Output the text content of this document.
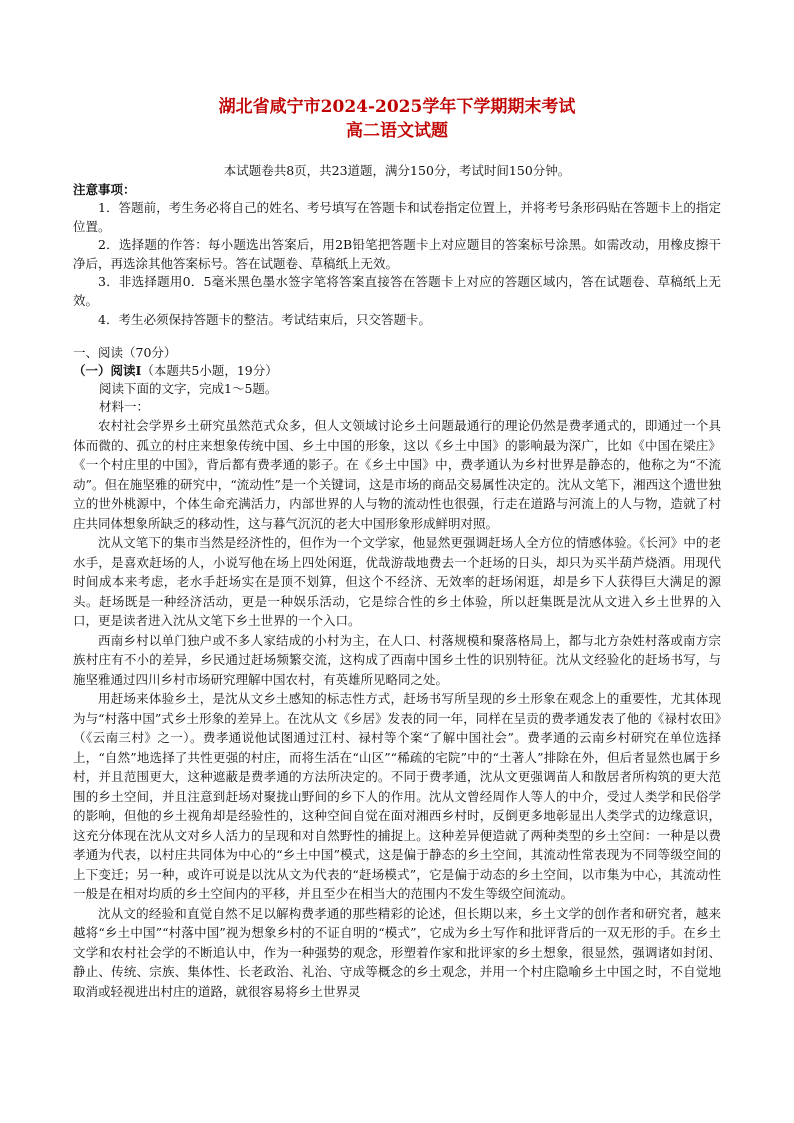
湖北省咸宁市2024-2025学年下学期期末考试
高二语文试题
本试题卷共8页，共23道题，满分150分，考试时间150分钟。
注意事项：

1．答题前，考生务必将自己的姓名、考号填写在答题卡和试卷指定位置上，并将考号条形码贴在答题卡上的指定位置。

2．选择题的作答：每小题选出答案后，用2B铅笔把答题卡上对应题目的答案标号涂黑。如需改动，用橡皮擦干净后，再选涂其他答案标号。答在试题卷、草稿纸上无效。

3．非选择题用0．5毫米黑色墨水签字笔将答案直接答在答题卡上对应的答题区域内，答在试题卷、草稿纸上无效。

4．考生必须保持答题卡的整洁。考试结束后，只交答题卡。

一、阅读（70分）
（一）阅读Ⅰ（本题共5小题，19分）
阅读下面的文字，完成1～5题。
材料一：

农村社会学界乡土研究虽然范式众多，但人文领域讨论乡土问题最通行的理论仍然是费孝通式的，即通过一个具体而微的、孤立的村庄来想象传统中国、乡土中国的形象，这以《乡土中国》的影响最为深广，比如《中国在梁庄》《一个村庄里的中国》，背后都有费孝通的影子。在《乡土中国》中，费孝通认为乡村世界是静态的，他称之为“不流动”。但在施坚雅的研究中，“流动性”是一个关键词，这是市场的商品交易属性决定的。沈从文笔下，湘西这个遗世独立的世外桃源中，个体生命充满活力，内部世界的人与物的流动性也很强，行走在道路与河流上的人与物，造就了村庄共同体想象所缺乏的移动性，这与暮气沉沉的老大中国形象形成鲜明对照。

沈从文笔下的集市当然是经济性的，但作为一个文学家，他显然更强调赶场人全方位的情感体验。《长河》中的老水手，是喜欢赶场的人，小说写他在场上四处闲逛，优哉游哉地费去一个赶场的日头，却只为买半葫芦烧酒。用现代时间成本来考虑，老水手赶场实在是顶不划算，但这个不经济、无效率的赶场闲逛，却是乡下人获得巨大满足的源头。赶场既是一种经济活动，更是一种娱乐活动，它是综合性的乡土体验，所以赶集既是沈从文进入乡土世界的入口，更是读者进入沈从文笔下乡土世界的一个入口。

西南乡村以单门独户或不多人家结成的小村为主，在人口、村落规模和聚落格局上，都与北方杂姓村落或南方宗族村庄有不小的差异，乡民通过赶场频繁交流，这构成了西南中国乡土性的识别特征。沈从文经验化的赶场书写，与施坚雅通过四川乡村市场研究理解中国农村，有英雄所见略同之处。

用赶场来体验乡土，是沈从文乡土感知的标志性方式，赶场书写所呈现的乡土形象在观念上的重要性，尤其体现为与“村落中国”式乡土形象的差异上。在沈从文《乡居》发表的同一年，同样在呈贡的费孝通发表了他的《禄村农田》（《云南三村》之一）。费孝通说他试图通过江村、禄村等个案“了解中国社会”。费孝通的云南乡村研究在单位选择上，“自然”地选择了共性更强的村庄，而将生活在“山区”“稀疏的宅院”中的“土著人”排除在外，但后者显然也属于乡村，并且范围更大，这种遮蔽是费孝通的方法所决定的。不同于费孝通，沈从文更强调苗人和散居者所构筑的更大范围的乡土空间，并且注意到赶场对聚拢山野间的乡下人的作用。沈从文曾经周作人等人的中介，受过人类学和民俗学的影响，但他的乡土视角却是经验性的，这种空间自觉在面对湘西乡村时，反倒更多地彰显出人类学式的边缘意识，这充分体现在沈从文对乡人活力的呈现和对自然野性的捕捉上。这种差异便造就了两种类型的乡土空间：一种是以费孝通为代表，以村庄共同体为中心的“乡土中国”模式，这是偏于静态的乡土空间，其流动性常表现为不同等级空间的上下变迁；另一种，或许可说是以沈从文为代表的“赶场模式”，它是偏于动态的乡土空间，以市集为中心，其流动性一般是在相对均质的乡土空间内的平移，并且至少在相当大的范围内不发生等级空间流动。

沈从文的经验和直觉自然不足以解构费孝通的那些精彩的论述，但长期以来，乡土文学的创作者和研究者，越来越将“乡土中国”“村落中国”视为想象乡村的不证自明的“模式”，它成为乡土写作和批评背后的一双无形的手。在乡土文学和农村社会学的不断追认中，作为一种强势的观念，形塑着作家和批评家的乡土想象，很显然，强调诸如封闭、静止、传统、宗族、集体性、长老政治、礼治、守成等概念的乡土观念，并用一个村庄隐喻乡土中国之时，不自觉地取消或轻视进出村庄的道路，就很容易将乡土世界灵
